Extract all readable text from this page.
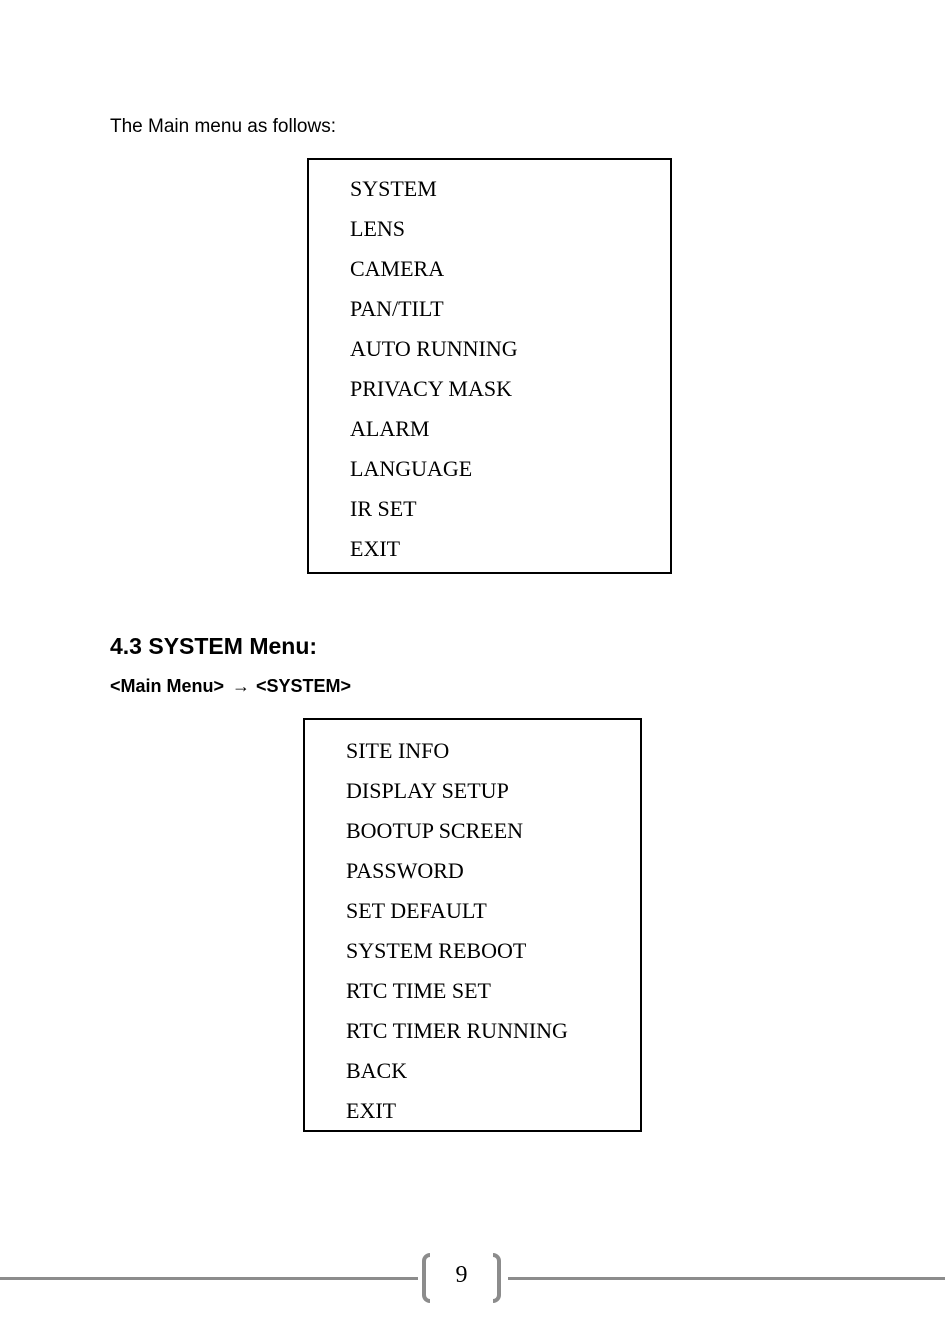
The Main menu as follows:
SYSTEM
LENS
CAMERA
PAN/TILT
AUTO RUNNING
PRIVACY MASK
ALARM
LANGUAGE
IR SET
EXIT
4.3 SYSTEM Menu:
<Main Menu> → <SYSTEM>
SITE INFO
DISPLAY SETUP
BOOTUP SCREEN
PASSWORD
SET DEFAULT
SYSTEM REBOOT
RTC TIME SET
RTC TIMER RUNNING
BACK
EXIT
9
